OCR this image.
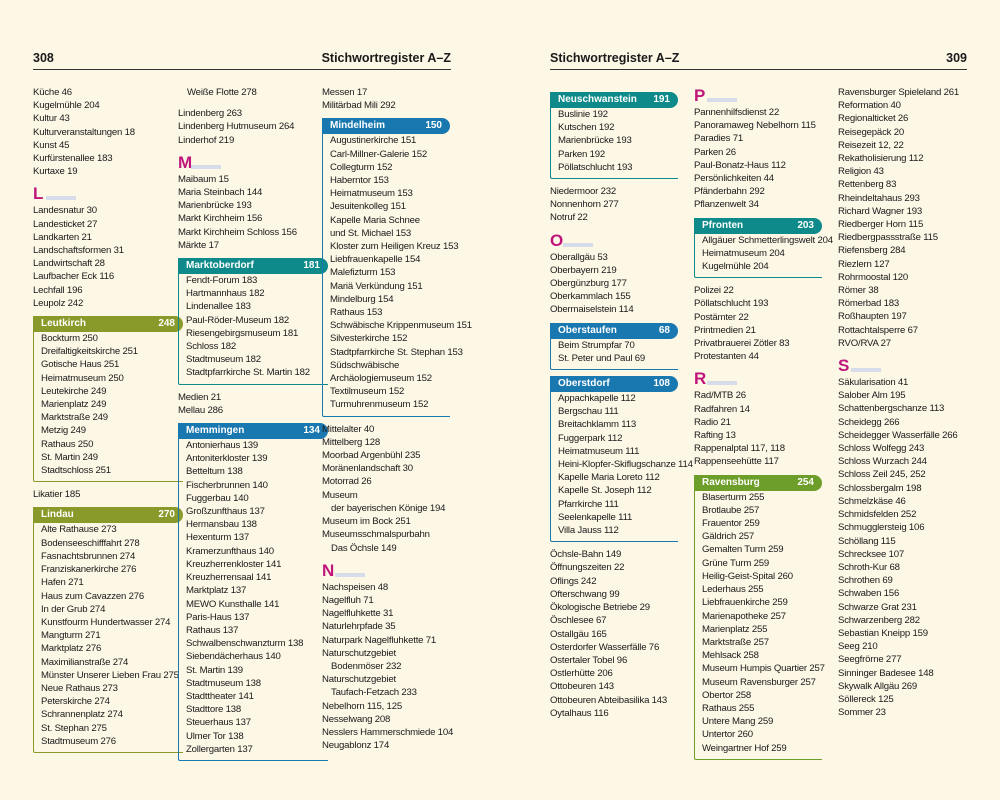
308	Stichwortregister A–Z	Stichwortregister A–Z	309
Küche 46
Kugelmühle 204
Kultur 43
Kulturveranstaltungen 18
Kunst 45
Kurfürstenallee 183
Kurtaxe 19
L
Landesnatur 30
Landesticket 27
Landkarten 21
Landschaftsformen 31
Landwirtschaft 28
Laufbacher Eck 116
Lechfall 196
Leupolz 242
Leutkirch	248
Bockturm 250
Dreifaltigkeitskirche 251
Gotische Haus 251
Heimatmuseum 250
Leutekirche 249
Marienplatz 249
Marktstraße 249
Metzig 249
Rathaus 250
St. Martin 249
Stadtschloss 251
Likatier 185
Lindau	270
Alte Rathause 273
Bodenseeschifffahrt 278
Fasnachtsbrunnen 274
Franziskanerkirche 276
Hafen 271
Haus zum Cavazzen 276
In der Grub 274
Kunstfourm Hundertwasser 274
Mangturm 271
Marktplatz 276
Maximilianstraße 274
Münster Unserer Lieben Frau 275
Neue Rathaus 273
Peterskirche 274
Schrannenplatz 274
St. Stephan 275
Stadtmuseum 276
Weiße Flotte 278
Lindenberg 263
Lindenberg Hutmuseum 264
Linderhof 219
M
Maibaum 15
Maria Steinbach 144
Marienbrücke 193
Markt Kirchheim 156
Markt Kirchheim Schloss 156
Märkte 17
Marktoberdorf	181
Fendt-Forum 183
Hartmannhaus 182
Lindenallee 183
Paul-Röder-Museum 182
Riesengebirgsmuseum 181
Schloss 182
Stadtmuseum 182
Stadtpfarrkirche St. Martin 182
Medien 21
Mellau 286
Memmingen	134
Antonierhaus 139
Antoniterkloster 139
Betteltum 138
Fischerbrunnen 140
Fuggerbau 140
Großzunfthaus 137
Hermansbau 138
Hexenturm 137
Kramerzunfthaus 140
Kreuzherrenkloster 141
Kreuzherrensaal 141
Marktplatz 137
MEWO Kunsthalle 141
Paris-Haus 137
Rathaus 137
Schwalbenschwanzturm 138
Siebendächerhaus 140
St. Martin 139
Stadtmuseum 138
Stadttheater 141
Stadttore 138
Steuerhaus 137
Ulmer Tor 138
Zollergarten 137
Messen 17
Militärbad Mili 292
Mindelheim	150
Augustinerkirche 151
Carl-Millner-Galerie 152
Collegturm 152
Haberntor 153
Heimatmuseum 153
Jesuitenkolleg 151
Kapelle Maria Schnee
und St. Michael 153
Kloster zum Heiligen Kreuz 153
Liebfrauenkapelle 154
Malefizturm 153
Mariä Verkündung 151
Mindelburg 154
Rathaus 153
Schwäbische Krippenmuseum 151
Silvesterkirche 152
Stadtpfarrkirche St. Stephan 153
Südschwäbische
Archäologiemuseum 152
Textilmuseum 152
Turmuhrenmuseum 152
Mittelalter 40
Mittelberg 128
Moorbad Argenbühl 235
Moränenlandschaft 30
Motorrad 26
Museum
der bayerischen Könige 194
Museum im Bock 251
Museumsschmalspurbahn
Das Öchsle 149
N
Nachspeisen 48
Nagelfluh 71
Nagelfluhkette 31
Naturlehrpfade 35
Naturpark Nagelfluhkette 71
Naturschutzgebiet
Bodenmöser 232
Naturschutzgebiet
Taufach-Fetzach 233
Nebelhorn 115, 125
Nesselwang 208
Nesslers Hammerschmiede 104
Neugablonz 174
Neuschwanstein 191
Buslinie 192
Kutschen 192
Marienbrücke 193
Parken 192
Pöllatschlucht 193
Niedermoor 232
Nonnenhorn 277
Notruf 22
O
Oberallgäu 53
Oberbayern 219
Obergünzburg 177
Oberkammlach 155
Obermaiselstein 114
Oberstaufen	68
Beim Strumpfar 70
St. Peter und Paul 69
Oberstdorf	108
Appachkapelle 112
Bergschau 111
Breitachklamm 113
Fuggerpark 112
Heimatmuseum 111
Heini-Klopfer-Skiflugschanze 114
Kapelle Maria Loreto 112
Kapelle St. Joseph 112
Pfarrkirche 111
Seelenkapelle 111
Villa Jauss 112
Öchsle-Bahn 149
Öffnungszeiten 22
Oflings 242
Ofterschwang 99
Ökologische Betriebe 29
Öschlesee 67
Ostallgäu 165
Osterdorfer Wasserfälle 76
Ostertaler Tobel 96
Ostlerhütte 206
Ottobeuren 143
Ottobeuren Abteibasilika 143
Oytalhaus 116
P
Pannenhilfsdienst 22
Panoramaweg Nebelhorn 115
Paradies 71
Parken 26
Paul-Bonatz-Haus 112
Persönlichkeiten 44
Pfänderbahn 292
Pflanzenwelt 34
Pfronten	203
Allgäuer Schmetterlingswelt 204
Heimatmuseum 204
Kugelmühle 204
Polizei 22
Pöllatschlucht 193
Postämter 22
Printmedien 21
Privatbrauerei Zötler 83
Protestanten 44
R
Rad/MTB 26
Radfahren 14
Radio 21
Rafting 13
Rappenalptal 117, 118
Rappenseehütte 117
Ravensburg	254
Blaserturm 255
Brotlaube 257
Frauentor 259
Gäldrich 257
Gemalten Turm 259
Grüne Turm 259
Heilig-Geist-Spital 260
Lederhaus 255
Liebfrauenkirche 259
Marienapotheke 257
Marienplatz 255
Marktstraße 257
Mehlsack 258
Museum Humpis Quartier 257
Museum Ravensburger 257
Obertor 258
Rathaus 255
Untere Mang 259
Untertor 260
Weingartner Hof 259
Ravensburger Spieleland 261
Reformation 40
Regionalticket 26
Reisegepäck 20
Reisezeit 12, 22
Rekatholisierung 112
Religion 43
Rettenberg 83
Rheindeltahaus 293
Richard Wagner 193
Riedberger Horn 115
Riedbergpassstraße 115
Riefensberg 284
Riezlern 127
Rohrmoostal 120
Römer 38
Römerbad 183
Roßhaupten 197
Rottachtalsperre 67
RVO/RVA 27
S
Säkularisation 41
Salober Alm 195
Schattenbergschanze 113
Scheidegg 266
Scheidegger Wasserfälle 266
Schloss Wolfegg 243
Schloss Wurzach 244
Schloss Zeil 245, 252
Schlossbergalm 198
Schmelzkäse 46
Schmidsfelden 252
Schmugglersteig 106
Schöllang 115
Schrecksee 107
Schroth-Kur 68
Schrothen 69
Schwaben 156
Schwarze Grat 231
Schwarzenberg 282
Sebastian Kneipp 159
Seeg 210
Seegfrörne 277
Sinninger Badesee 148
Skywalk Allgäu 269
Söllereck 125
Sommer 23
